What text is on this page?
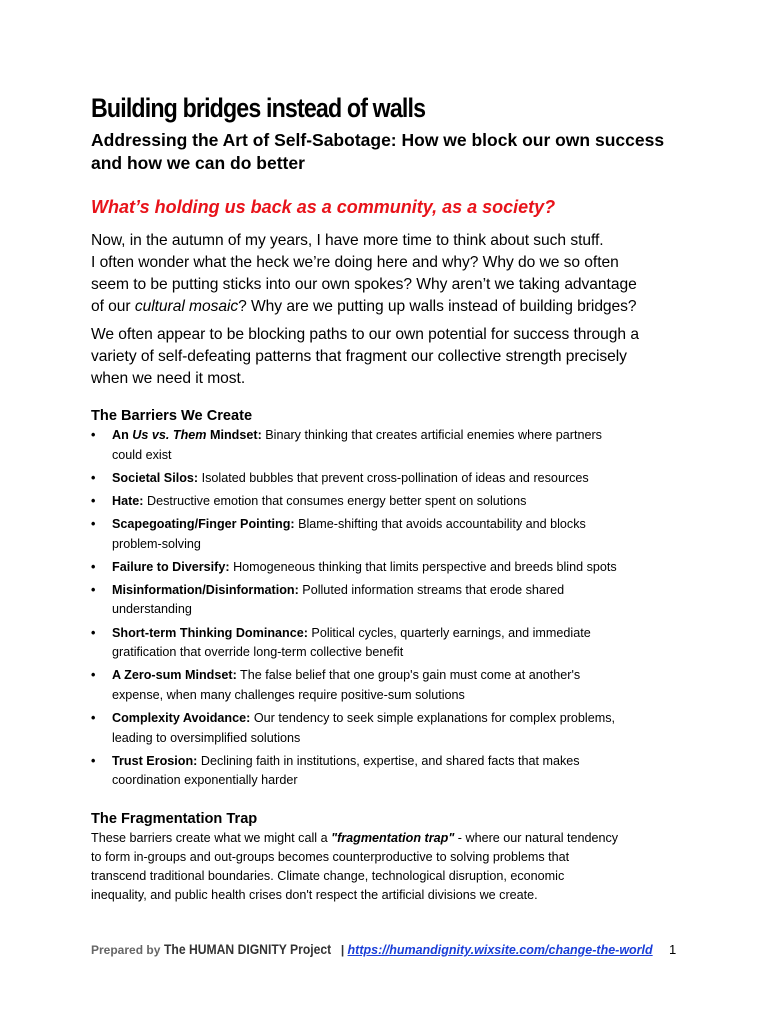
Building bridges instead of walls
Addressing the Art of Self-Sabotage: How we block our own success and how we can do better
What’s holding us back as a community, as a society?

Now, in the autumn of my years, I have more time to think about such stuff.
I often wonder what the heck we’re doing here and why? Why do we so often
seem to be putting sticks into our own spokes? Why aren’t we taking advantage
of our cultural mosaic? Why are we putting up walls instead of building bridges?

We often appear to be blocking paths to our own potential for success through a
variety of self-defeating patterns that fragment our collective strength precisely
when we need it most.

The Barriers We Create
•	An Us vs. Them Mindset: Binary thinking that creates artificial enemies where partners
could exist
•	Societal Silos: Isolated bubbles that prevent cross-pollination of ideas and resources
•	Hate: Destructive emotion that consumes energy better spent on solutions
•	Scapegoating/Finger Pointing: Blame-shifting that avoids accountability and blocks
problem-solving
•	Failure to Diversify: Homogeneous thinking that limits perspective and breeds blind spots
•	Misinformation/Disinformation: Polluted information streams that erode shared
understanding
•	Short-term Thinking Dominance: Political cycles, quarterly earnings, and immediate
gratification that override long-term collective benefit
•	A Zero-sum Mindset: The false belief that one group's gain must come at another's
expense, when many challenges require positive-sum solutions
•	Complexity Avoidance: Our tendency to seek simple explanations for complex problems,
leading to oversimplified solutions
•	Trust Erosion: Declining faith in institutions, expertise, and shared facts that makes
coordination exponentially harder
The Fragmentation Trap

These barriers create what we might call a "fragmentation trap" - where our natural tendency
to form in-groups and out-groups becomes counterproductive to solving problems that
transcend traditional boundaries. Climate change, technological disruption, economic
inequality, and public health crises don't respect the artificial divisions we create.

Prepared by The HUMAN DIGNITY Project | https://humandignity.wixsite.com/change-the-world	1
